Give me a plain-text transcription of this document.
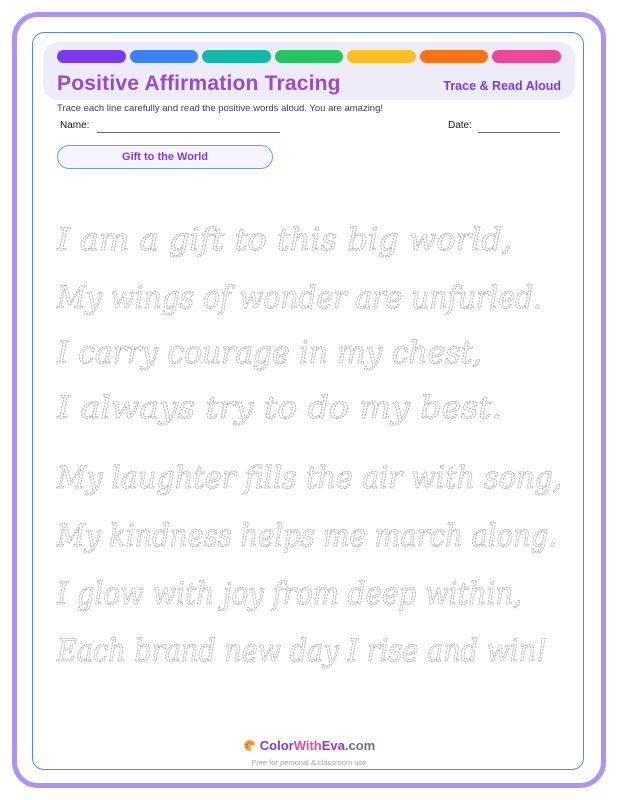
Positive Affirmation Tracing	Trace & Read Aloud
Trace each line carefully and read the positive words aloud. You are amazing!
Name:	Date:
Gift to the World
I am a gift to this big world,
My wings of wonder are unfurled.
I carry courage in my chest,
I always try to do my best.
My laughter fills the air with song,
My kindness helps me march along.
I glow with joy from deep within,
Each brand new day I rise and win!
ColorWithEva.com
Free for personal & classroom use
